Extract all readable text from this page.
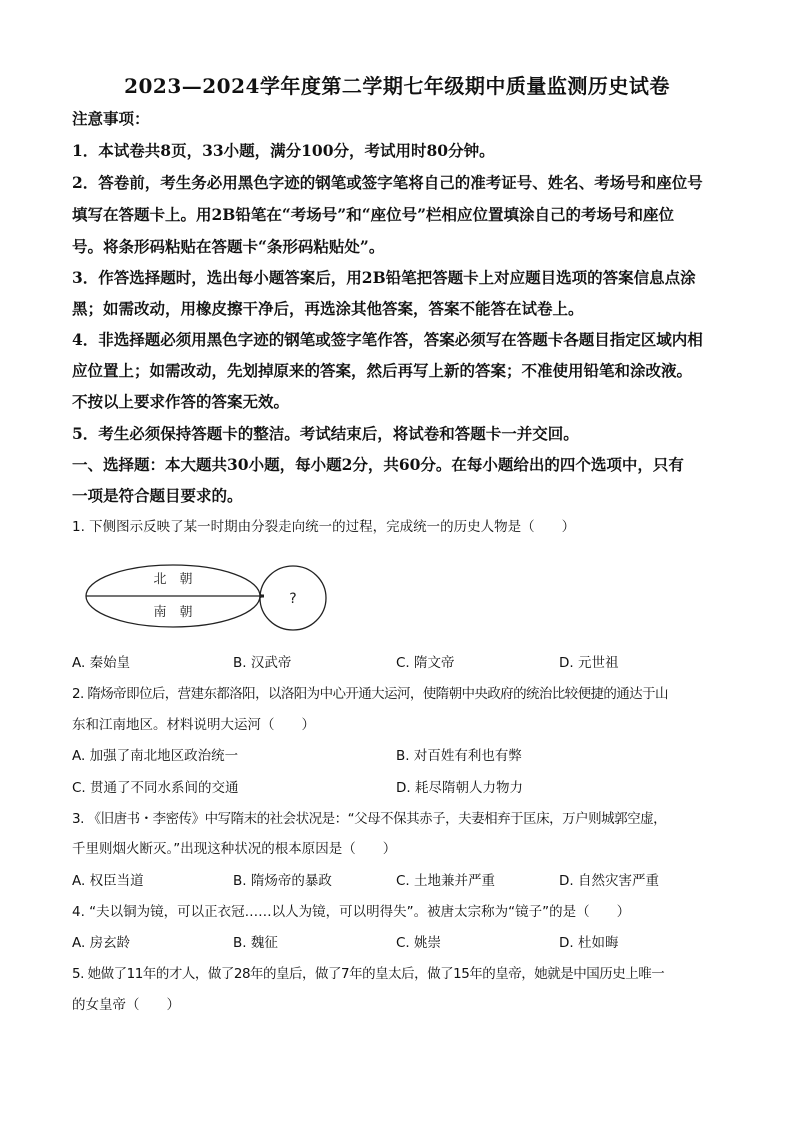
2023—2024学年度第二学期七年级期中质量监测历史试卷
注意事项：
1．本试卷共8页，33小题，满分100分，考试用时80分钟。
2．答卷前，考生务必用黑色字迹的钢笔或签字笔将自己的准考证号、姓名、考场号和座位号
填写在答题卡上。用2B铅笔在“考场号”和“座位号”栏相应位置填涂自己的考场号和座位
号。将条形码粘贴在答题卡“条形码粘贴处”。
3．作答选择题时，选出每小题答案后，用2B铅笔把答题卡上对应题目选项的答案信息点涂
黑；如需改动，用橡皮擦干净后，再选涂其他答案，答案不能答在试卷上。
4．非选择题必须用黑色字迹的钢笔或签字笔作答，答案必须写在答题卡各题目指定区域内相
应位置上；如需改动，先划掉原来的答案，然后再写上新的答案；不准使用铅笔和涂改液。
不按以上要求作答的答案无效。
5．考生必须保持答题卡的整洁。考试结束后，将试卷和答题卡一并交回。
一、选择题：本大题共30小题，每小题2分，共60分。在每小题给出的四个选项中，只有
一项是符合题目要求的。
1. 下侧图示反映了某一时期由分裂走向统一的过程，完成统一的历史人物是（　　）
北　朝
南　朝
?
A. 秦始皇	B. 汉武帝	C. 隋文帝	D. 元世祖
2. 隋炀帝即位后，营建东都洛阳，以洛阳为中心开通大运河，使隋朝中央政府的统治比较便捷的通达于山
东和江南地区。材料说明大运河（　　）
A. 加强了南北地区政治统一	B. 对百姓有利也有弊
C. 贯通了不同水系间的交通	D. 耗尽隋朝人力物力
3. 《旧唐书・李密传》中写隋末的社会状况是：“父母不保其赤子，夫妻相弃于匡床，万户则城郭空虚，
千里则烟火断灭。”出现这种状况的根本原因是（　　）
A. 权臣当道	B. 隋炀帝的暴政	C. 土地兼并严重	D. 自然灾害严重
4. “夫以铜为镜，可以正衣冠……以人为镜，可以明得失”。被唐太宗称为“镜子”的是（　　）
A. 房玄龄	B. 魏征	C. 姚崇	D. 杜如晦
5. 她做了11年的才人，做了28年的皇后，做了7年的皇太后，做了15年的皇帝，她就是中国历史上唯一
的女皇帝（　　）
